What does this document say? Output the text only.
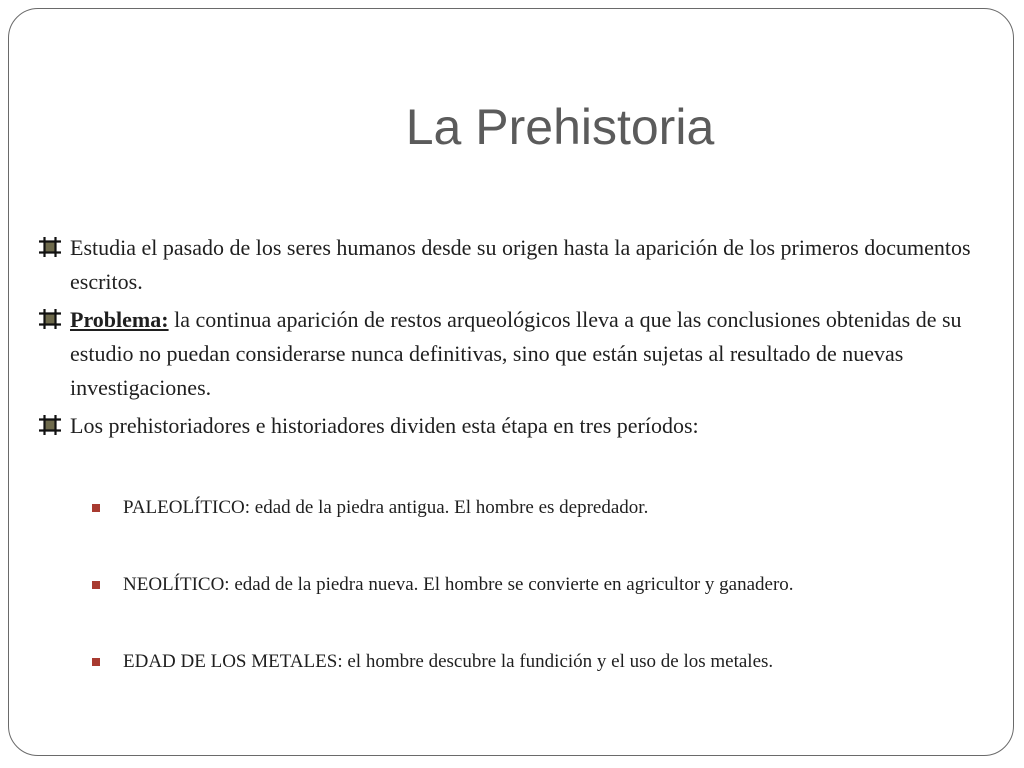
La Prehistoria
Estudia el pasado de los seres humanos desde su origen hasta la aparición de los primeros documentos escritos.
Problema: la continua aparición de restos arqueológicos lleva a que las conclusiones obtenidas de su estudio no puedan considerarse nunca definitivas, sino que están sujetas al resultado de nuevas investigaciones.
Los prehistoriadores e historiadores dividen esta étapa en tres períodos:
PALEOLÍTICO: edad de la piedra antigua. El hombre es depredador.
NEOLÍTICO: edad de la piedra nueva. El hombre se convierte en agricultor y ganadero.
EDAD DE LOS METALES: el hombre descubre la fundición y el uso de los metales.
